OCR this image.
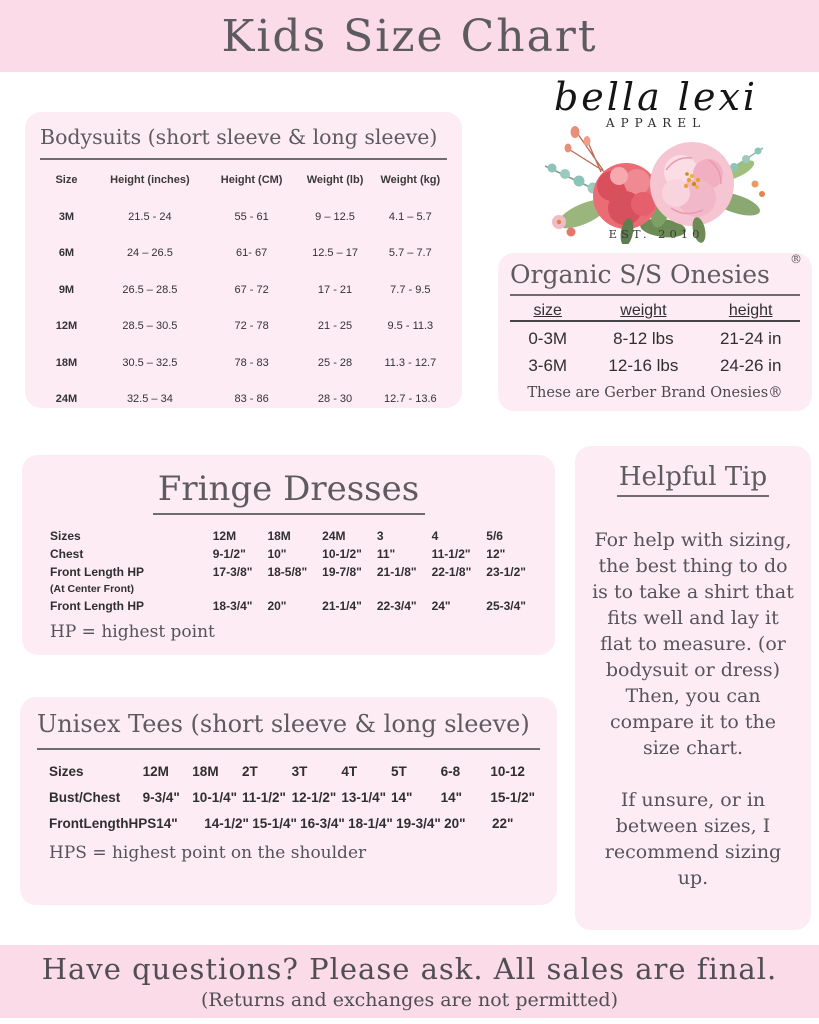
Kids Size Chart
Bodysuits (short sleeve & long sleeve)
Size	Height (inches)	Height (CM)	Weight (lb)	Weight (kg)
3M	21.5 - 24	55 - 61	9 – 12.5	4.1 – 5.7
6M	24 – 26.5	61- 67	12.5 – 17	5.7 – 7.7
9M	26.5 – 28.5	67 - 72	17 - 21	7.7 - 9.5
12M	28.5 – 30.5	72 - 78	21 - 25	9.5 - 11.3
18M	30.5 – 32.5	78 - 83	25 - 28	11.3 - 12.7
24M	32.5 – 34	83 - 86	28 - 30	12.7 - 13.6
bella lexi
APPAREL
EST. 2010
Organic S/S Onesies
®
size	weight	height
0-3M	8-12 lbs	21-24 in
3-6M	12-16 lbs	24-26 in
These are Gerber Brand Onesies®
Fringe Dresses
Sizes	12M	18M	24M	3	4	5/6
Chest	9-1/2"	10"	10-1/2"	11"	11-1/2"	12"
Front Length HP	17-3/8"	18-5/8"	19-7/8"	21-1/8"	22-1/8"	23-1/2"
(At Center Front)
Front Length HP	18-3/4"	20"	21-1/4"	22-3/4"	24"	25-3/4"
HP = highest point
Helpful Tip

For help with sizing, the best thing to do is to take a shirt that fits well and lay it flat to measure. (or bodysuit or dress) Then, you can compare it to the size chart.

If unsure, or in between sizes, I recommend sizing up.

Unisex Tees (short sleeve & long sleeve)
Sizes	12M	18M	2T	3T	4T	5T	6-8	10-12
Bust/Chest	9-3/4" 10-1/4" 11-1/2" 12-1/2" 13-1/4" 14"	14"	15-1/2"
FrontLengthHPS 14"	14-1/2" 15-1/4" 16-3/4" 18-1/4" 19-3/4" 20"	22"
HPS = highest point on the shoulder
Have questions? Please ask. All sales are final.
(Returns and exchanges are not permitted)
